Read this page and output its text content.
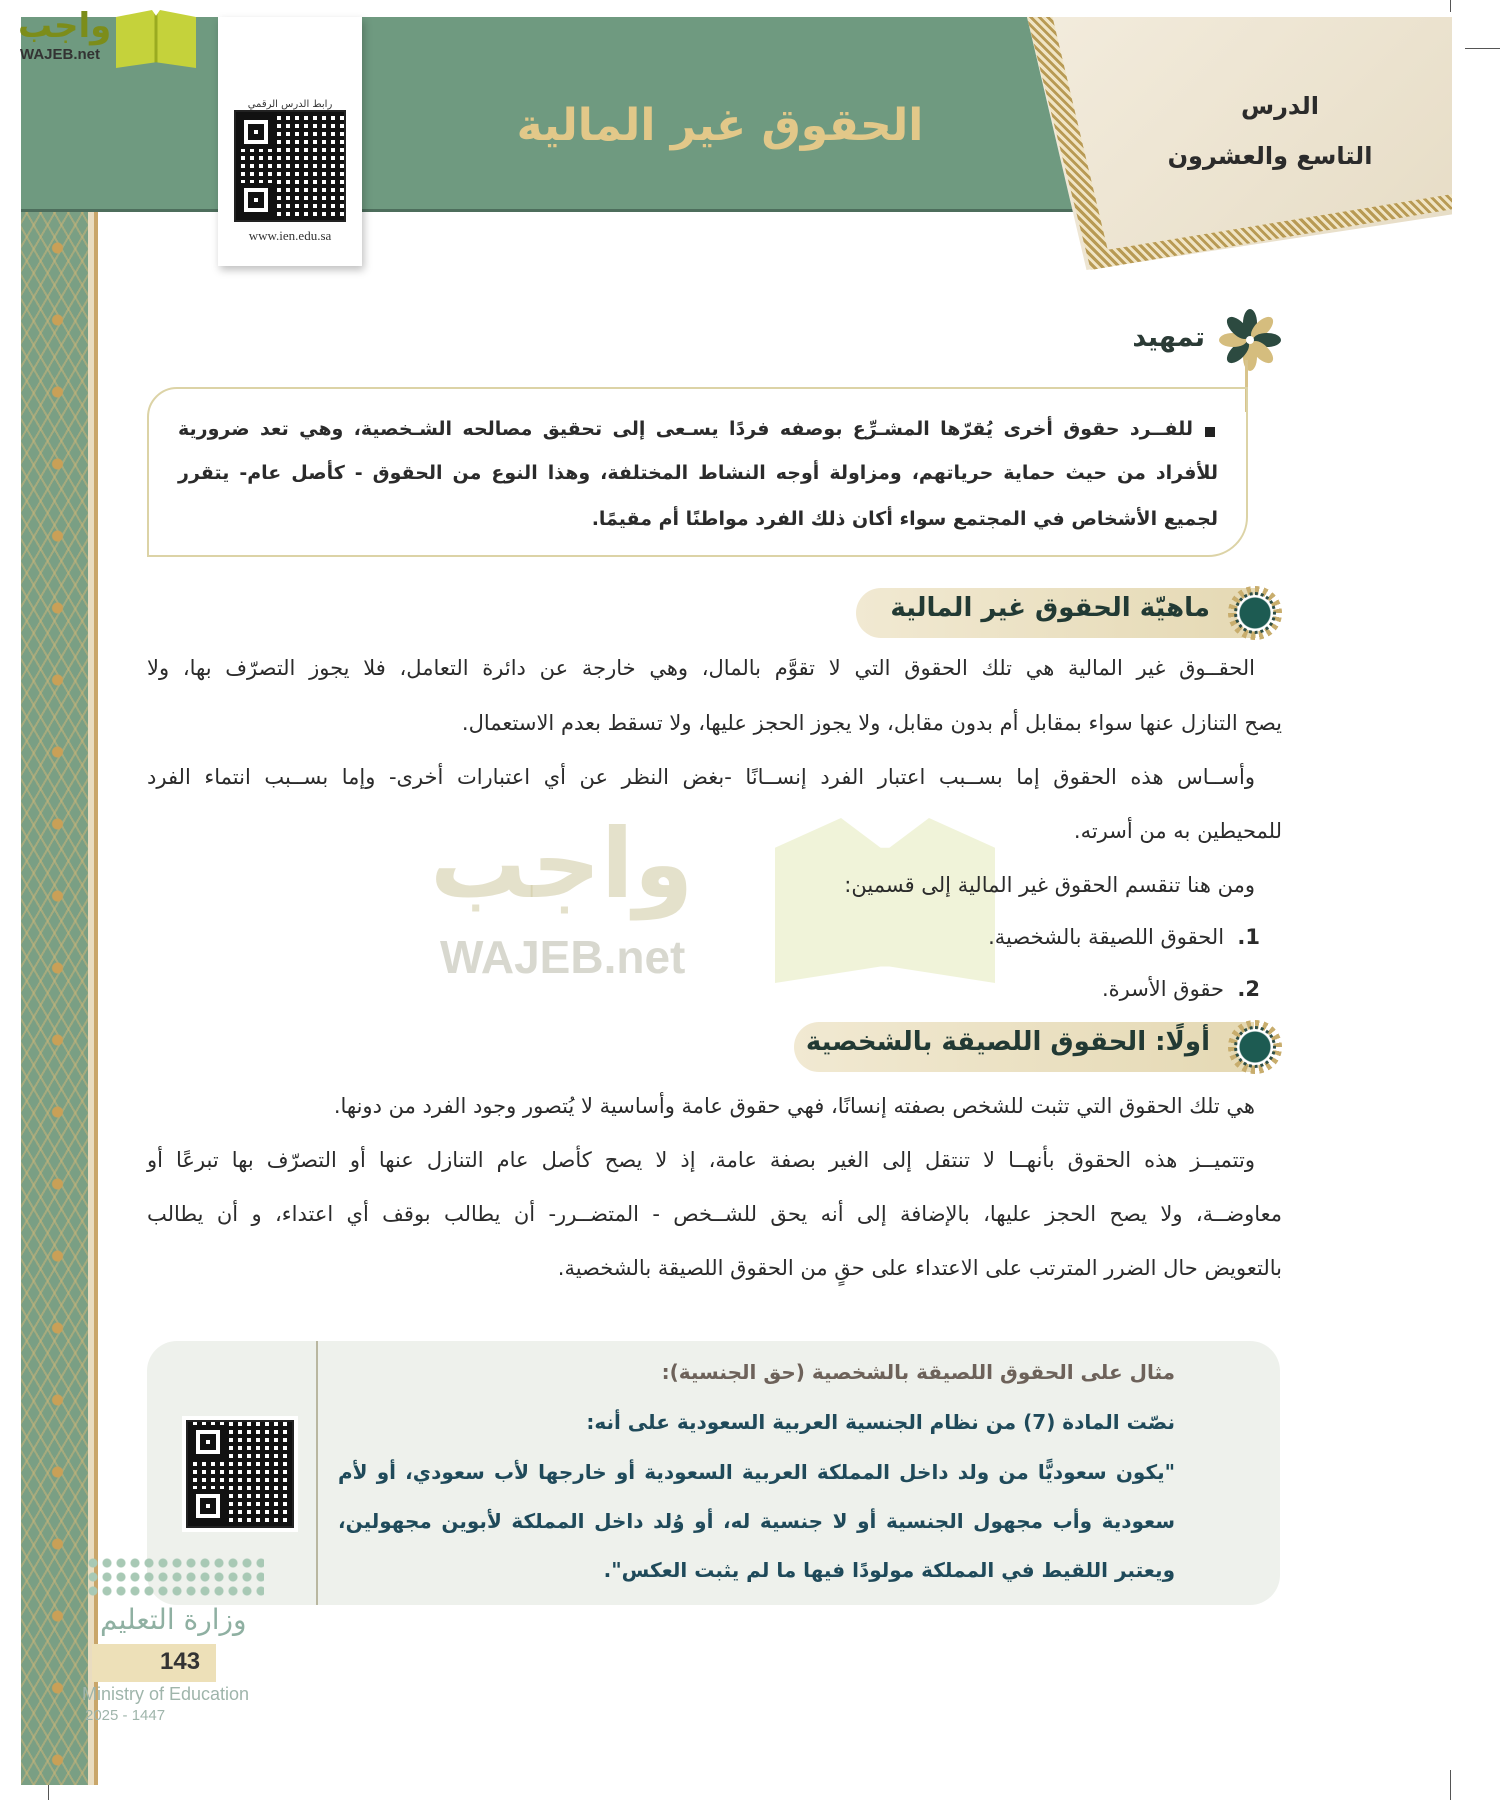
واجب
WAJEB.net
الحقوق غير المالية	الدرس
التاسع والعشرون
رابط الدرس الرقمي
www.ien.edu.sa
تمهيد
للفــرد حقوق أخرى يُقرّها المشـرِّع بوصفه فردًا يسـعى إلى تحقيق مصالحه الشـخصية، وهي تعد ضرورية
للأفراد من حيث حماية حرياتهم، ومزاولة أوجه النشاط المختلفة، وهذا النوع من الحقوق - كأصل عام- يتقرر
لجميع الأشخاص في المجتمع سواء أكان ذلك الفرد مواطنًا أم مقيمًا.
واجب
WAJEB.net
ماهيّة الحقوق غير المالية
الحقــوق غير المالية هي تلك الحقوق التي لا تقوَّم بالمال، وهي خارجة عن دائرة التعامل، فلا يجوز التصرّف بها، ولا
يصح التنازل عنها سواء بمقابل أم بدون مقابل، ولا يجوز الحجز عليها، ولا تسقط بعدم الاستعمال.
وأســاس هذه الحقوق إما بســبب اعتبار الفرد إنســانًا -بغض النظر عن أي اعتبارات أخرى- وإما بســبب انتماء الفرد
للمحيطين به من أسرته.
ومن هنا تنقسم الحقوق غير المالية إلى قسمين:
1.  الحقوق اللصيقة بالشخصية.
2.  حقوق الأسرة.
أولًا: الحقوق اللصيقة بالشخصية
هي تلك الحقوق التي تثبت للشخص بصفته إنسانًا، فهي حقوق عامة وأساسية لا يُتصور وجود الفرد من دونها.
وتتميــز هذه الحقوق بأنهــا لا تنتقل إلى الغير بصفة عامة، إذ لا يصح كأصل عام التنازل عنها أو التصرّف بها تبرعًا أو
معاوضــة، ولا يصح الحجز عليها، بالإضافة إلى أنه يحق للشــخص - المتضــرر- أن يطالب بوقف أي اعتداء، و أن يطالب
بالتعويض حال الضرر المترتب على الاعتداء على حقٍ من الحقوق اللصيقة بالشخصية.
مثال على الحقوق اللصيقة بالشخصية (حق الجنسية):
نصّت المادة (7) من نظام الجنسية العربية السعودية على أنه:
"يكون سعوديًّا من ولد داخل المملكة العربية السعودية أو خارجها لأب سعودي، أو لأم
سعودية وأب مجهول الجنسية أو لا جنسية له، أو وُلد داخل المملكة لأبوين مجهولين،
ويعتبر اللقيط في المملكة مولودًا فيها ما لم يثبت العكس".
وزارة التعليم
143
Ministry of Education
2025 - 1447
